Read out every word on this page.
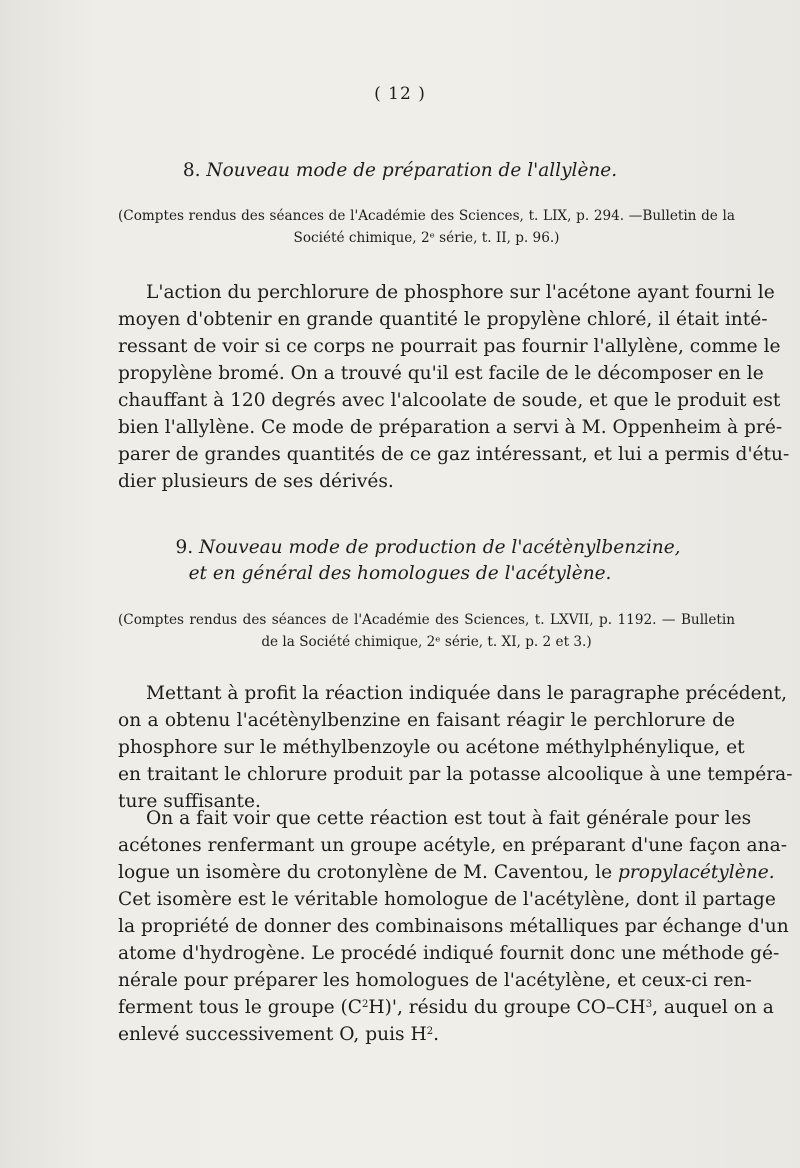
( 12 )
8. Nouveau mode de préparation de l'allylène.
(Comptes rendus des séances de l'Académie des Sciences, t. LIX, p. 294. —Bulletin de la Société chimique, 2ᵉ série, t. II, p. 96.)
L'action du perchlorure de phosphore sur l'acétone ayant fourni le
moyen d'obtenir en grande quantité le propylène chloré, il était inté-
ressant de voir si ce corps ne pourrait pas fournir l'allylène, comme le
propylène bromé. On a trouvé qu'il est facile de le décomposer en le
chauffant à 120 degrés avec l'alcoolate de soude, et que le produit est
bien l'allylène. Ce mode de préparation a servi à M. Oppenheim à pré-
parer de grandes quantités de ce gaz intéressant, et lui a permis d'étu-
dier plusieurs de ses dérivés.
9. Nouveau mode de production de l'acétènylbenzine,
et en général des homologues de l'acétylène.
(Comptes rendus des séances de l'Académie des Sciences, t. LXVII, p. 1192. — Bulletin de la Société chimique, 2ᵉ série, t. XI, p. 2 et 3.)
Mettant à profit la réaction indiquée dans le paragraphe précédent,
on a obtenu l'acétènylbenzine en faisant réagir le perchlorure de
phosphore sur le méthylbenzoyle ou acétone méthylphénylique, et
en traitant le chlorure produit par la potasse alcoolique à une tempéra-
ture suffisante.
On a fait voir que cette réaction est tout à fait générale pour les
acétones renfermant un groupe acétyle, en préparant d'une façon ana-
logue un isomère du crotonylène de M. Caventou, le propylacétylène.
Cet isomère est le véritable homologue de l'acétylène, dont il partage
la propriété de donner des combinaisons métalliques par échange d'un
atome d'hydrogène. Le procédé indiqué fournit donc une méthode gé-
nérale pour préparer les homologues de l'acétylène, et ceux-ci ren-
ferment tous le groupe $(C^2H)'$, résidu du groupe $CO-CH^3$, auquel on a
enlevé successivement O, puis $H^2$.
